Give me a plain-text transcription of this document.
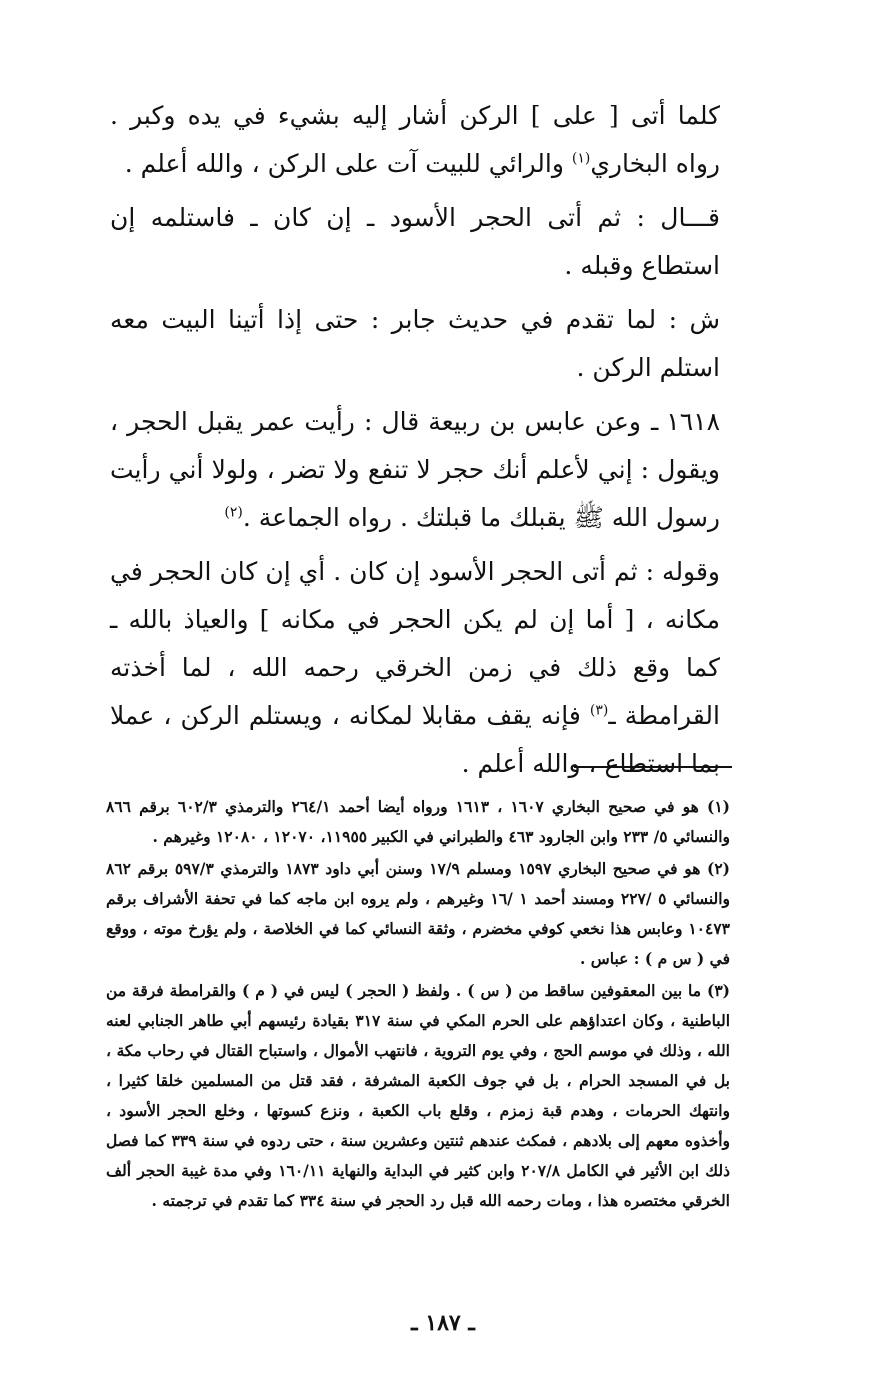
كلما أتى [ على ] الركن أشار إليه بشيء في يده وكبر . رواه البخاري$^{(١)}$ والرائي للبيت آت على الركن ، والله أعلم .

قـــال : ثم أتى الحجر الأسود ـ إن كان ـ فاستلمه إن استطاع وقبله .

ش : لما تقدم في حديث جابر : حتى إذا أتينا البيت معه استلم الركن .

١٦١٨ ـوعن عابس بن ربيعة قال : رأيت عمر يقبل الحجر ، ويقول : إني لأعلم أنك حجر لا تنفع ولا تضر ، ولولا أني رأيت رسول الله ﷺ يقبلك ما قبلتك . رواه الجماعة .$^{(٢)}$

وقوله : ثم أتى الحجر الأسود إن كان . أي إن كان الحجر في مكانه ، [ أما إن لم يكن الحجر في مكانه ] والعياذ بالله ـ كما وقع ذلك في زمن الخرقي رحمه الله ، لما أخذته القرامطة ـ$^{(٣)}$ فإنه يقف مقابلا لمكانه ، ويستلم الركن ، عملا بما استطاع ، والله أعلم .

(١) هو في صحيح البخاري ١٦٠٧ ، ١٦١٣ ورواه أيضا أحمد ٢٦٤/١ والترمذي ٦٠٢/٣ برقم ٨٦٦ والنسائي ٥/ ٢٣٣ وابن الجارود ٤٦٣ والطبراني في الكبير ١١٩٥٥، ١٢٠٧٠ ، ١٢٠٨٠ وغيرهم .

(٢) هو في صحيح البخاري ١٥٩٧ ومسلم ١٧/٩ وسنن أبي داود ١٨٧٣ والترمذي ٥٩٧/٣ برقم ٨٦٢ والنسائي ٥ /٢٢٧ ومسند أحمد ١ /١٦ وغيرهم ، ولم يروه ابن ماجه كما في تحفة الأشراف برقم ١٠٤٧٣ وعابس هذا نخعي كوفي مخضرم ، وثقة النسائي كما في الخلاصة ، ولم يؤرخ موته ، ووقع في ( س م ) : عباس .

(٣) ما بين المعقوفين ساقط من ( س ) . ولفظ ( الحجر ) ليس في ( م ) والقرامطة فرقة من الباطنية ، وكان اعتداؤهم على الحرم المكي في سنة ٣١٧ بقيادة رئيسهم أبي طاهر الجنابي لعنه الله ، وذلك في موسم الحج ، وفي يوم التروية ، فانتهب الأموال ، واستباح القتال في رحاب مكة ، بل في المسجد الحرام ، بل في جوف الكعبة المشرفة ، فقد قتل من المسلمين خلقا كثيرا ، وانتهك الحرمات ، وهدم قبة زمزم ، وقلع باب الكعبة ، ونزع كسوتها ، وخلع الحجر الأسود ، وأخذوه معهم إلى بلادهم ، فمكث عندهم ثنتين وعشرين سنة ، حتى ردوه في سنة ٣٣٩ كما فصل ذلك ابن الأثير في الكامل ٢٠٧/٨ وابن كثير في البداية والنهاية ١٦٠/١١ وفي مدة غيبة الحجر ألف الخرقي مختصره هذا ، ومات رحمه الله قبل رد الحجر في سنة ٣٣٤ كما تقدم في ترجمته .

ـ ١٨٧ ـ
